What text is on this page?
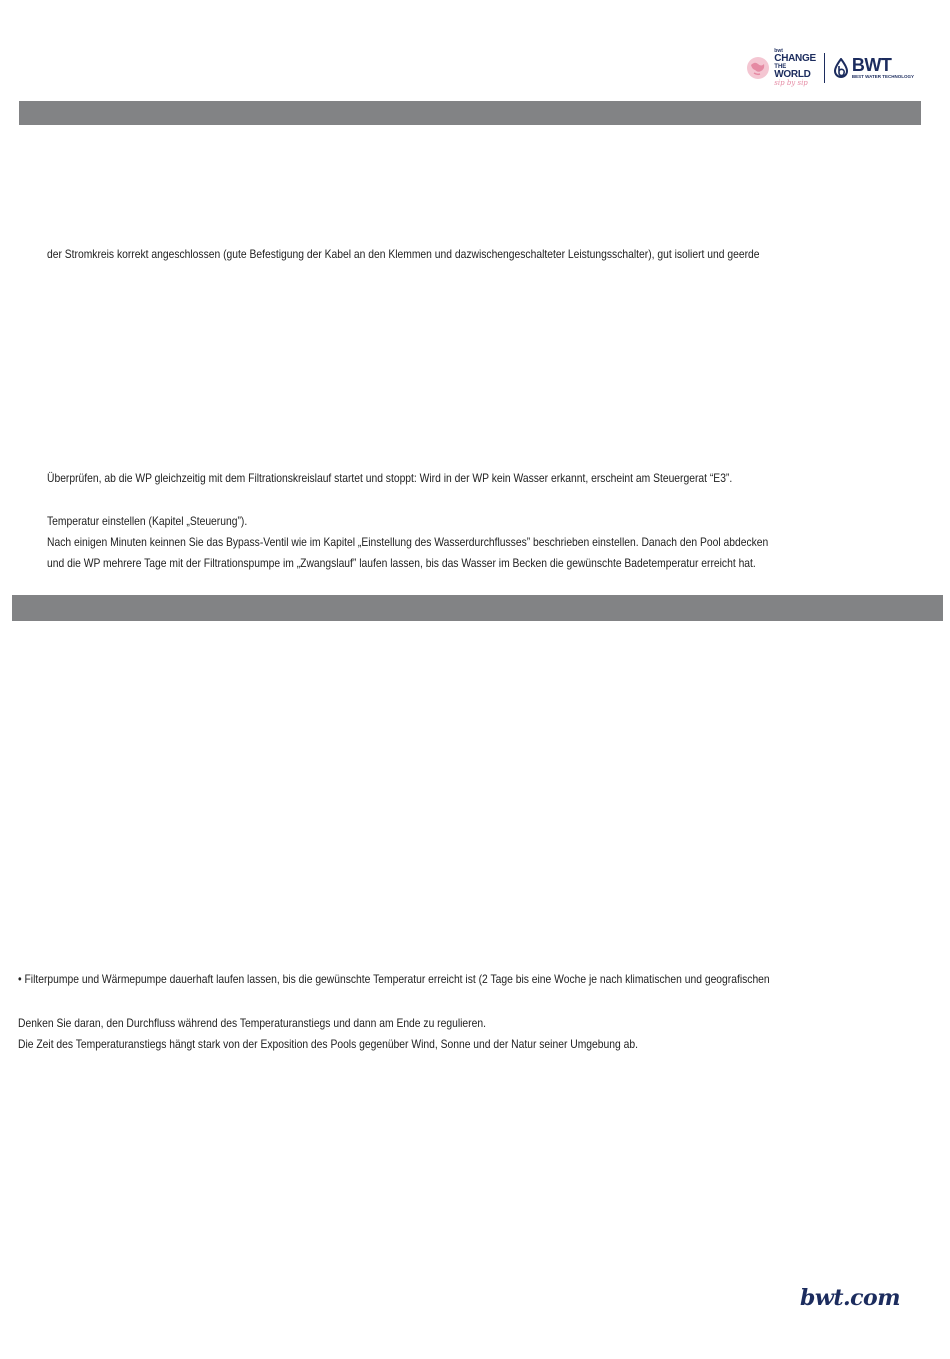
bwt
CHANGE
THE
WORLD
sip by sip
BWT
BEST WATER TECHNOLOGY
der Stromkreis korrekt angeschlossen (gute Befestigung der Kabel an den Klemmen und dazwischengeschalteter Leistungsschalter), gut isoliert und geerde
Überprüfen, ab die WP gleichzeitig mit dem Filtrationskreislauf startet und stoppt: Wird in der WP kein Wasser erkannt, erscheint am Steuergerat “E3”.
Temperatur einstellen (Kapitel „Steuerung”).
Nach einigen Minuten keinnen Sie das Bypass-Ventil wie im Kapitel „Einstellung des Wasserdurchflusses” beschrieben einstellen. Danach den Pool abdecken
und die WP mehrere Tage mit der Filtrationspumpe im „Zwangslauf” laufen lassen, bis das Wasser im Becken die gewünschte Badetemperatur erreicht hat.
• Filterpumpe und Wärmepumpe dauerhaft laufen lassen, bis die gewünschte Temperatur erreicht ist (2 Tage bis eine Woche je nach klimatischen und geografischen
Denken Sie daran, den Durchfluss während des Temperaturanstiegs und dann am Ende zu regulieren.
Die Zeit des Temperaturanstiegs hängt stark von der Exposition des Pools gegenüber Wind, Sonne und der Natur seiner Umgebung ab.
bwt.com
